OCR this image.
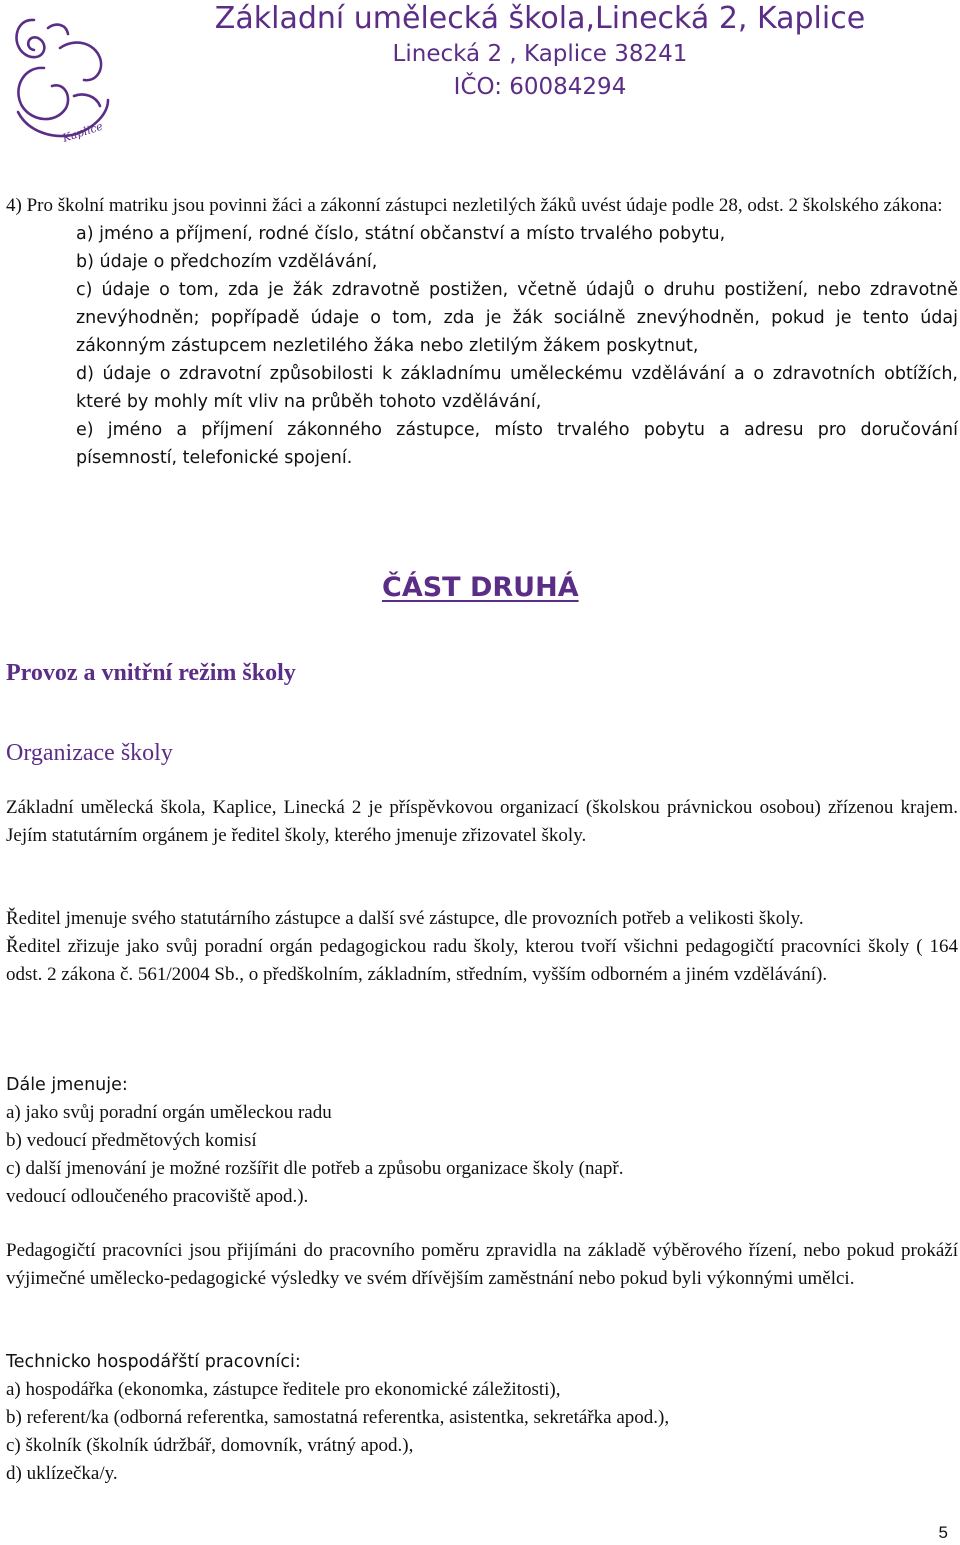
Kaplice
Základní umělecká škola,Linecká 2, Kaplice
Linecká 2 , Kaplice 38241
IČO: 60084294

4) Pro školní matriku jsou povinni žáci a zákonní zástupci nezletilých žáků uvést údaje podle 28, odst. 2 školského zákona:

a) jméno a příjmení, rodné číslo, státní občanství a místo trvalého pobytu,

b) údaje o předchozím vzdělávání,

c) údaje o tom, zda je žák zdravotně postižen, včetně údajů o druhu postižení, nebo zdravotně znevýhodněn; popřípadě údaje o tom, zda je žák sociálně znevýhodněn, pokud je tento údaj zákonným zástupcem nezletilého žáka nebo zletilým žákem poskytnut,

d) údaje o zdravotní způsobilosti k základnímu uměleckému vzdělávání a o zdravotních obtížích, které by mohly mít vliv na průběh tohoto vzdělávání,

e) jméno a příjmení zákonného zástupce, místo trvalého pobytu a adresu pro doručování písemností, telefonické spojení.

ČÁST DRUHÁ
Provoz a vnitřní režim školy
Organizace školy

Základní umělecká škola, Kaplice, Linecká 2 je příspěvkovou organizací (školskou právnickou osobou) zřízenou krajem. Jejím statutárním orgánem je ředitel školy, kterého jmenuje zřizovatel školy.

Ředitel jmenuje svého statutárního zástupce a další své zástupce, dle provozních potřeb a velikosti školy.

Ředitel zřizuje jako svůj poradní orgán pedagogickou radu školy, kterou tvoří všichni pedagogičtí pracovníci školy ( 164 odst. 2 zákona č. 561/2004 Sb., o předškolním, základním, středním, vyšším odborném a jiném vzdělávání).

Dále jmenuje:

a) jako svůj poradní orgán uměleckou radu

b) vedoucí předmětových komisí

c) další jmenování je možné rozšířit dle potřeb a způsobu organizace školy (např.

vedoucí odloučeného pracoviště apod.).

Pedagogičtí pracovníci jsou přijímáni do pracovního poměru zpravidla na základě výběrového řízení, nebo pokud prokáží výjimečné umělecko-pedagogické výsledky ve svém dřívějším zaměstnání nebo pokud byli výkonnými umělci.

Technicko hospodářští pracovníci:

a) hospodářka (ekonomka, zástupce ředitele pro ekonomické záležitosti),

b) referent/ka (odborná referentka, samostatná referentka, asistentka, sekretářka apod.),

c) školník (školník údržbář, domovník, vrátný apod.),

d) uklízečka/y.

5
